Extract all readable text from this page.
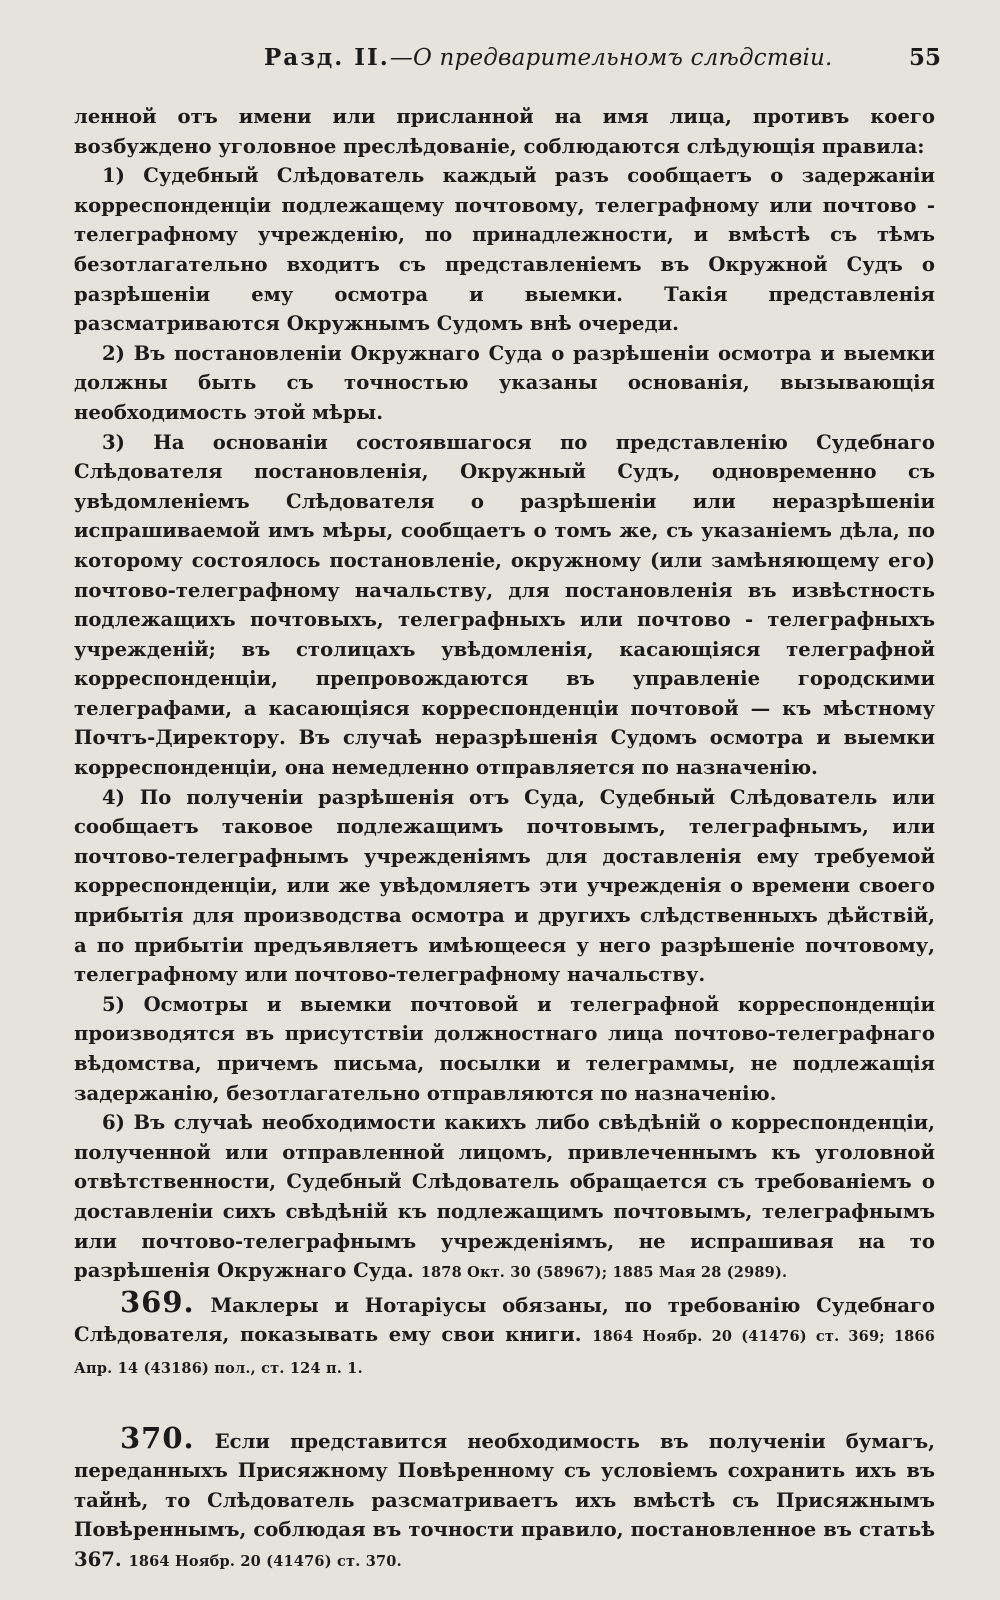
Разд. II.—О предварительномъ слѣдствіи.	55

ленной отъ имени или присланной на имя лица, противъ коего возбуждено уголовное преслѣдованіе, соблюдаются слѣдующія правила:

1) Судебный Слѣдователь каждый разъ сообщаетъ о задержаніи корреспонденціи подлежащему почтовому, телеграфному или почтово - телеграфному учрежденію, по принадлежности, и вмѣстѣ съ тѣмъ безотлагательно входитъ съ представленіемъ въ Окружной Судъ о разрѣшеніи ему осмотра и выемки. Такія представленія разсматриваются Окружнымъ Судомъ внѣ очереди.

2) Въ постановленіи Окружнаго Суда о разрѣшеніи осмотра и выемки должны быть съ точностью указаны основанія, вызывающія необходимость этой мѣры.

3) На основаніи состоявшагося по представленію Судебнаго Слѣдователя постановленія, Окружный Судъ, одновременно съ увѣдомленіемъ Слѣдователя о разрѣшеніи или неразрѣшеніи испрашиваемой имъ мѣры, сообщаетъ о томъ же, съ указаніемъ дѣла, по которому состоялось постановленіе, окружному (или замѣняющему его) почтово-телеграфному начальству, для постановленія въ извѣстность подлежащихъ почтовыхъ, телеграфныхъ или почтово - телеграфныхъ учрежденій; въ столицахъ увѣдомленія, касающіяся телеграфной корреспонденціи, препровождаются въ управленіе городскими телеграфами, а касающіяся корреспонденціи почтовой — къ мѣстному Почтъ-Директору. Въ случаѣ неразрѣшенія Судомъ осмотра и выемки корреспонденціи, она немедленно отправляется по назначенію.

4) По полученіи разрѣшенія отъ Суда, Судебный Слѣдователь или сообщаетъ таковое подлежащимъ почтовымъ, телеграфнымъ, или почтово-телеграфнымъ учрежденіямъ для доставленія ему требуемой корреспонденціи, или же увѣдомляетъ эти учрежденія о времени своего прибытія для производства осмотра и другихъ слѣдственныхъ дѣйствій, а по прибытіи предъявляетъ имѣющееся у него разрѣшеніе почтовому, телеграфному или почтово-телеграфному начальству.

5) Осмотры и выемки почтовой и телеграфной корреспонденціи производятся въ присутствіи должностнаго лица почтово-телеграфнаго вѣдомства, причемъ письма, посылки и телеграммы, не подлежащія задержанію, безотлагательно отправляются по назначенію.

6) Въ случаѣ необходимости какихъ либо свѣдѣній о корреспонденціи, полученной или отправленной лицомъ, привлеченнымъ къ уголовной отвѣтственности, Судебный Слѣдователь обращается съ требованіемъ о доставленіи сихъ свѣдѣній къ подлежащимъ почтовымъ, телеграфнымъ или почтово-телеграфнымъ учрежденіямъ, не испрашивая на то разрѣшенія Окружнаго Суда. 1878 Окт. 30 (58967); 1885 Мая 28 (2989).

369. Маклеры и Нотаріусы обязаны, по требованію Судебнаго Слѣдователя, показывать ему свои книги. 1864 Ноябр. 20 (41476) ст. 369; 1866 Апр. 14 (43186) пол., ст. 124 п. 1.

370. Если представится необходимость въ полученіи бумагъ, переданныхъ Присяжному Повѣренному съ условіемъ сохранить ихъ въ тайнѣ, то Слѣдователь разсматриваетъ ихъ вмѣстѣ съ Присяжнымъ Повѣреннымъ, соблюдая въ точности правило, постановленное въ статьѣ 367. 1864 Ноябр. 20 (41476) ст. 370.
